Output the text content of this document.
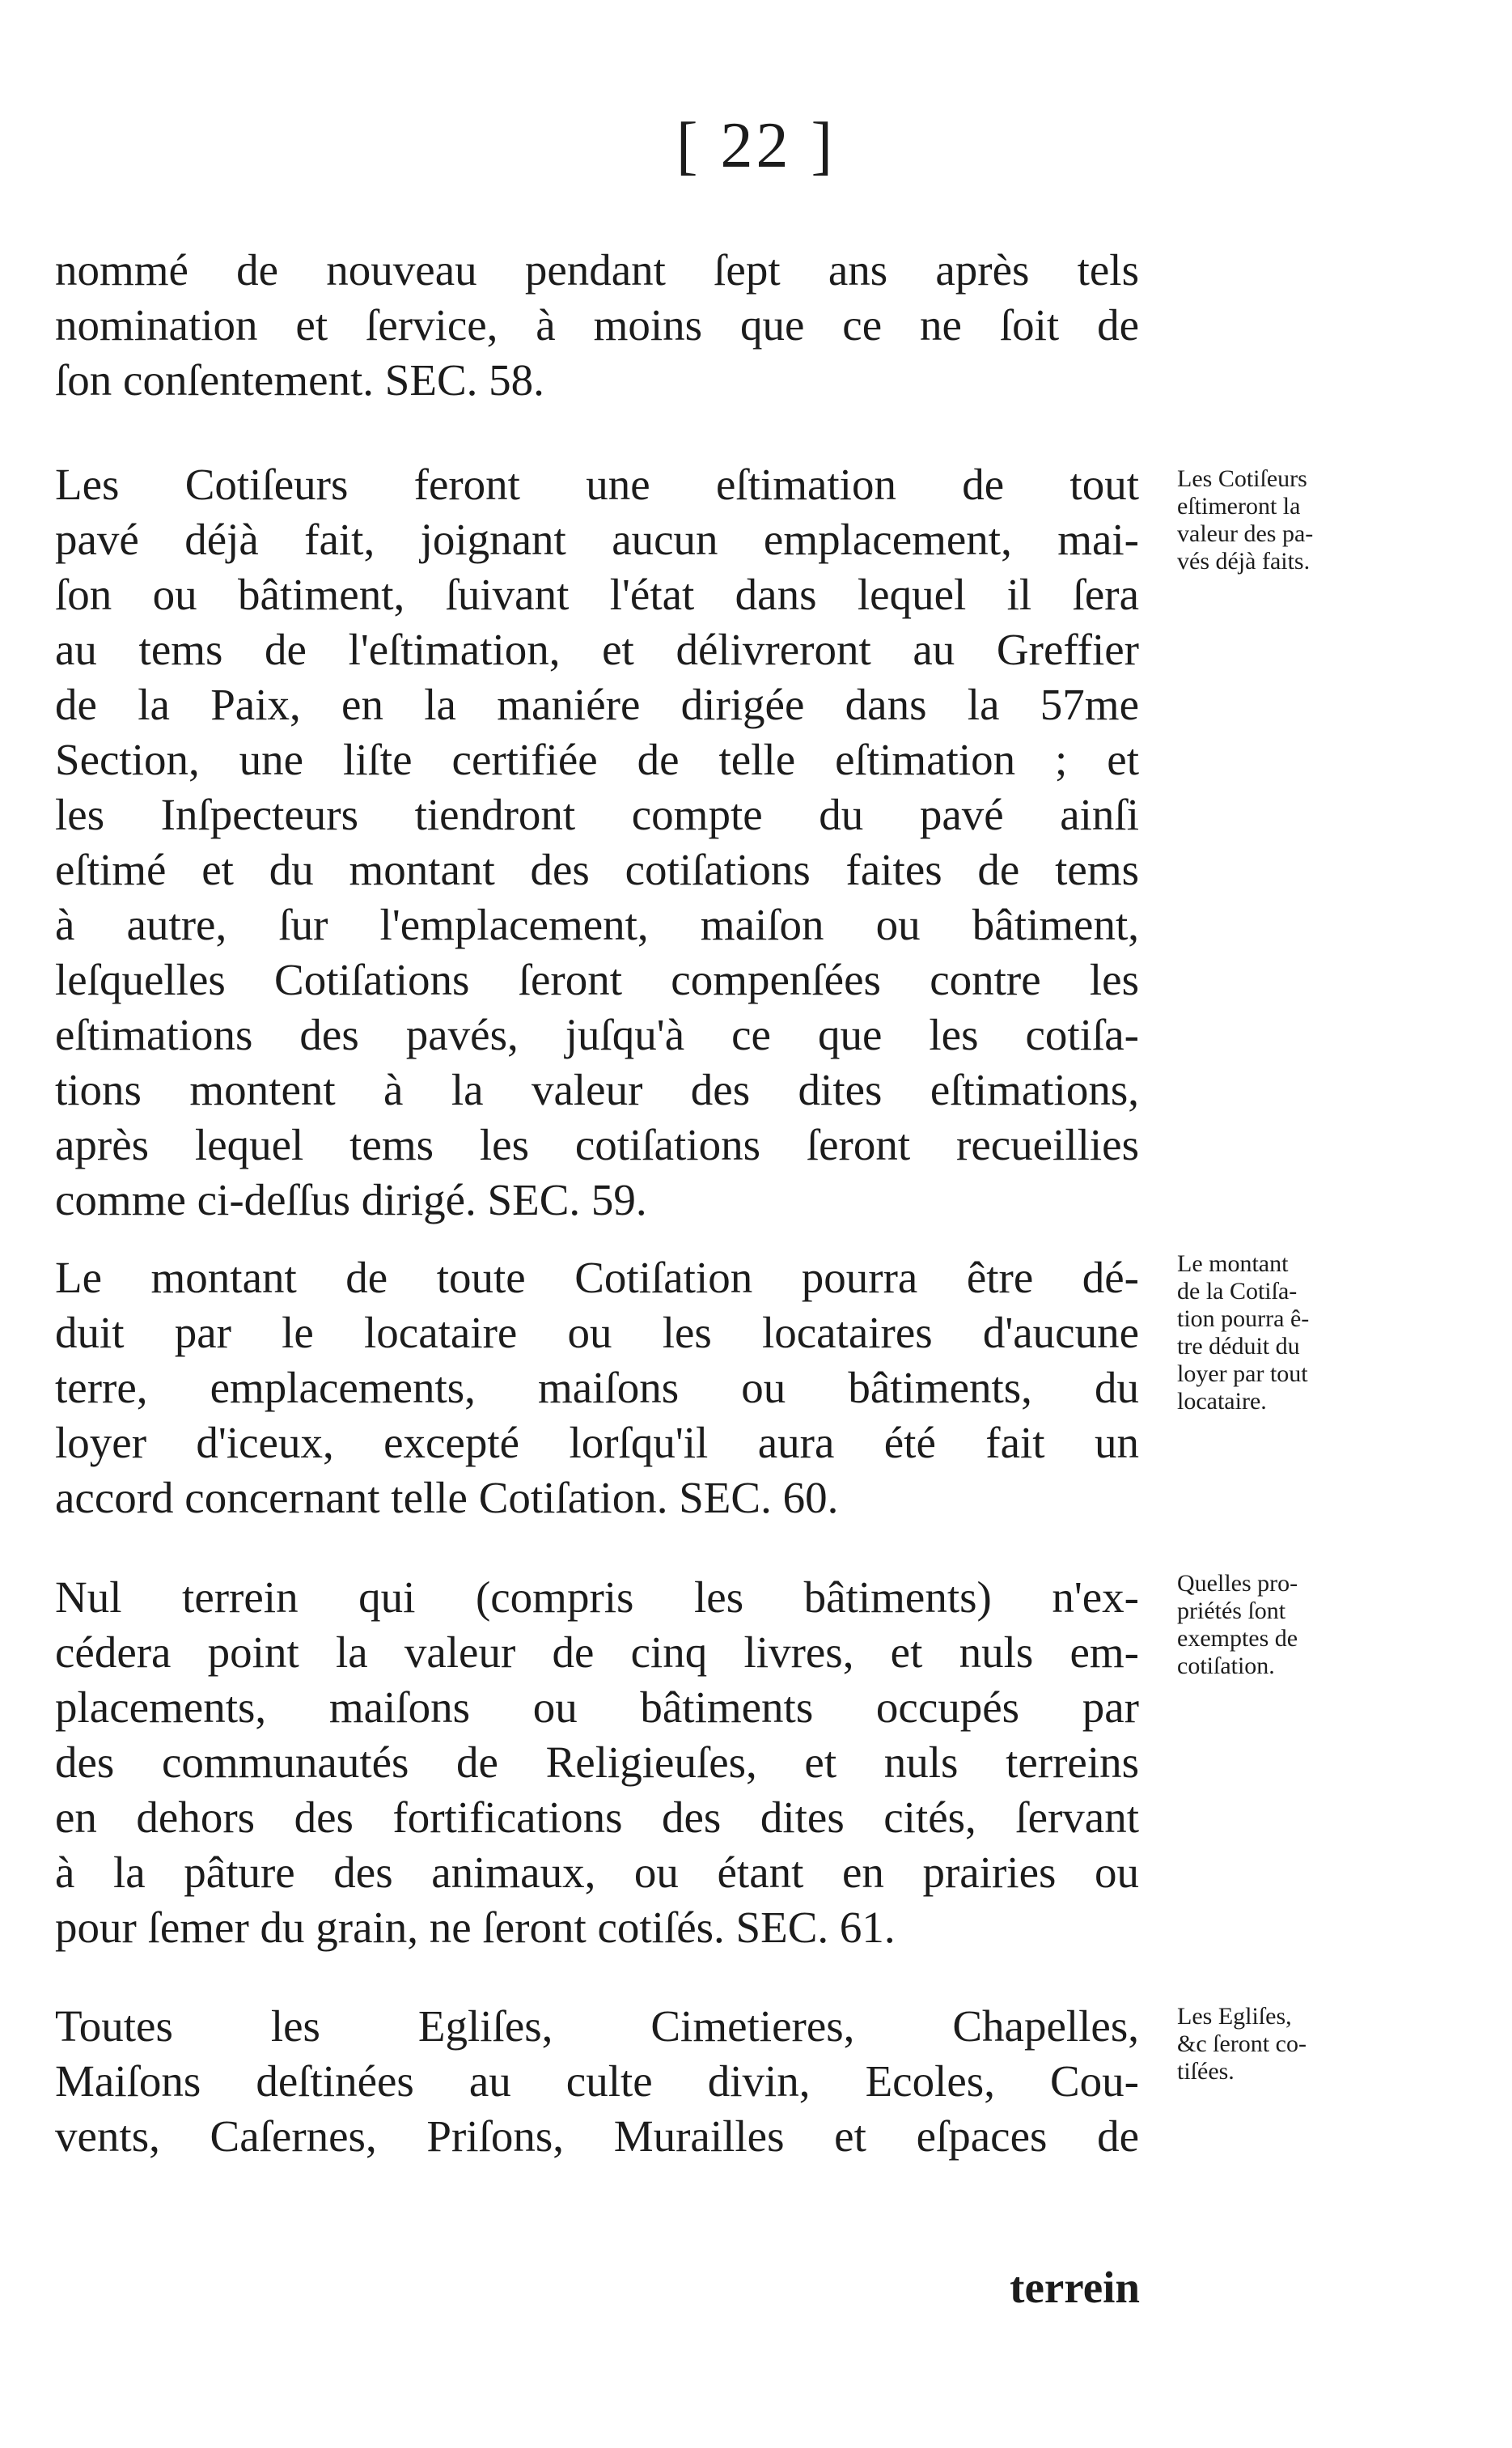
[ 22 ]
nommé de nouveau pendant ſept ans après tels
nomination et ſervice, à moins que ce ne ſoit de
ſon conſentement. SEC. 58.
Les Cotiſeurs feront une eſtimation de tout
pavé déjà fait, joignant aucun emplacement, mai-
ſon ou bâtiment, ſuivant l'état dans lequel il ſera
au tems de l'eſtimation, et délivreront au Greffier
de la Paix, en la maniére dirigée dans la 57me
Section, une liſte certifiée de telle eſtimation ; et
les Inſpecteurs tiendront compte du pavé ainſi
eſtimé et du montant des cotiſations faites de tems
à autre, ſur l'emplacement, maiſon ou bâtiment,
leſquelles Cotiſations ſeront compenſées contre les
eſtimations des pavés, juſqu'à ce que les cotiſa-
tions montent à la valeur des dites eſtimations,
après lequel tems les cotiſations ſeront recueillies
comme ci-deſſus dirigé. SEC. 59.
Le montant de toute Cotiſation pourra être dé-
duit par le locataire ou les locataires d'aucune
terre, emplacements, maiſons ou bâtiments, du
loyer d'iceux, excepté lorſqu'il aura été fait un
accord concernant telle Cotiſation. SEC. 60.
Nul terrein qui (compris les bâtiments) n'ex-
cédera point la valeur de cinq livres, et nuls em-
placements, maiſons ou bâtiments occupés par
des communautés de Religieuſes, et nuls terreins
en dehors des fortifications des dites cités, ſervant
à la pâture des animaux, ou étant en prairies ou
pour ſemer du grain, ne ſeront cotiſés. SEC. 61.
Toutes les Egliſes, Cimetieres, Chapelles,
Maiſons deſtinées au culte divin, Ecoles, Cou-
vents, Caſernes, Priſons, Murailles et eſpaces de
Les Cotiſeurs
eſtimeront la
valeur des pa-
vés déjà faits.
Le montant
de la Cotiſa-
tion pourra ê-
tre déduit du
loyer par tout
locataire.
Quelles pro-
priétés ſont
exemptes de
cotiſation.
Les Egliſes,
&c ſeront co-
tiſées.
terrein
